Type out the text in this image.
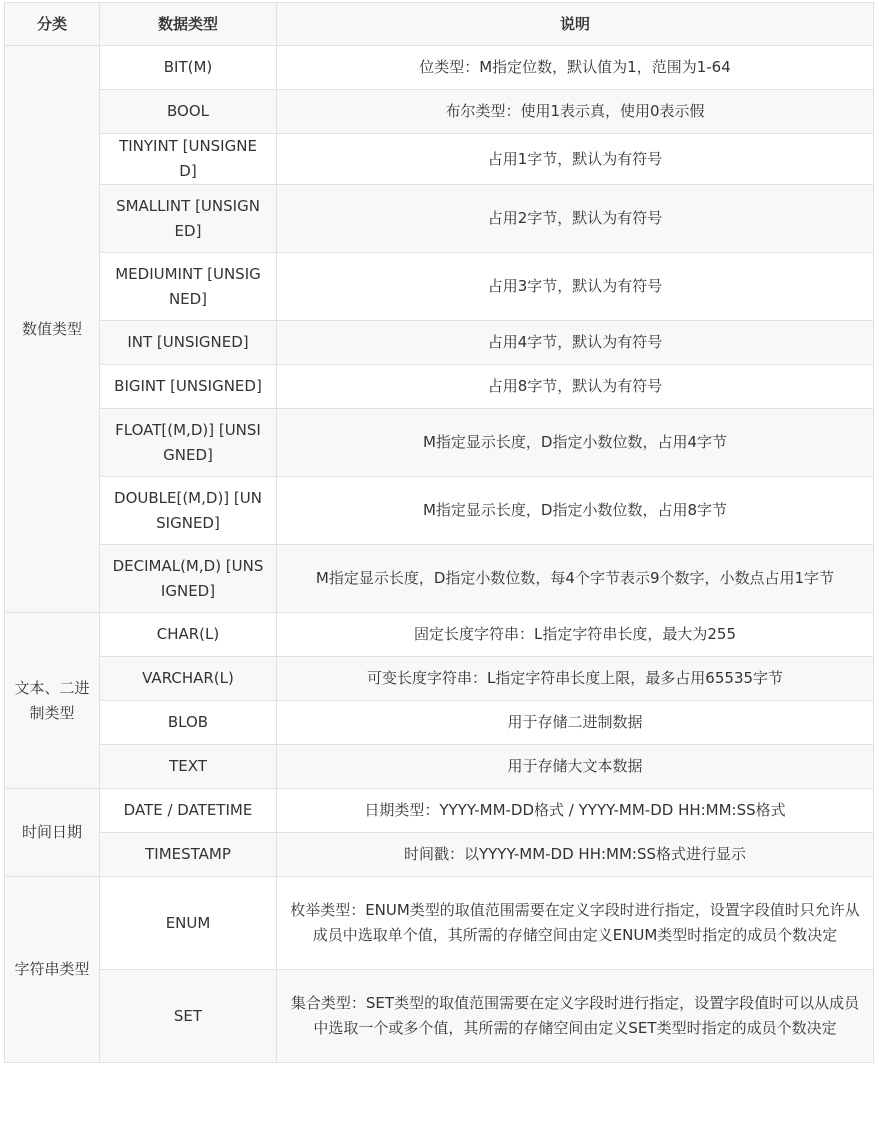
分类	数据类型	说明
数值类型	BIT(M)	位类型：M指定位数，默认值为1，范围为1-64
	BOOL	布尔类型：使用1表示真，使用0表示假
	TINYINT [UNSIGNED]	占用1字节，默认为有符号
	SMALLINT [UNSIGNED]	占用2字节，默认为有符号
	MEDIUMINT [UNSIGNED]	占用3字节，默认为有符号
	INT [UNSIGNED]	占用4字节，默认为有符号
	BIGINT [UNSIGNED]	占用8字节，默认为有符号
	FLOAT[(M,D)] [UNSIGNED]	M指定显示长度，D指定小数位数，占用4字节
	DOUBLE[(M,D)] [UNSIGNED]	M指定显示长度，D指定小数位数，占用8字节
	DECIMAL(M,D) [UNSIGNED]	M指定显示长度，D指定小数位数，每4个字节表示9个数字，小数点占用1字节
文本、二进制类型	CHAR(L)	固定长度字符串：L指定字符串长度，最大为255
	VARCHAR(L)	可变长度字符串：L指定字符串长度上限，最多占用65535字节
	BLOB	用于存储二进制数据
	TEXT	用于存储大文本数据
时间日期	DATE / DATETIME	日期类型：YYYY-MM-DD格式 / YYYY-MM-DD HH:MM:SS格式
	TIMESTAMP	时间戳：以YYYY-MM-DD HH:MM:SS格式进行显示
字符串类型	ENUM	枚举类型：ENUM类型的取值范围需要在定义字段时进行指定，设置字段值时只允许从成员中选取单个值，其所需的存储空间由定义ENUM类型时指定的成员个数决定
	SET	集合类型：SET类型的取值范围需要在定义字段时进行指定，设置字段值时可以从成员中选取一个或多个值，其所需的存储空间由定义SET类型时指定的成员个数决定
